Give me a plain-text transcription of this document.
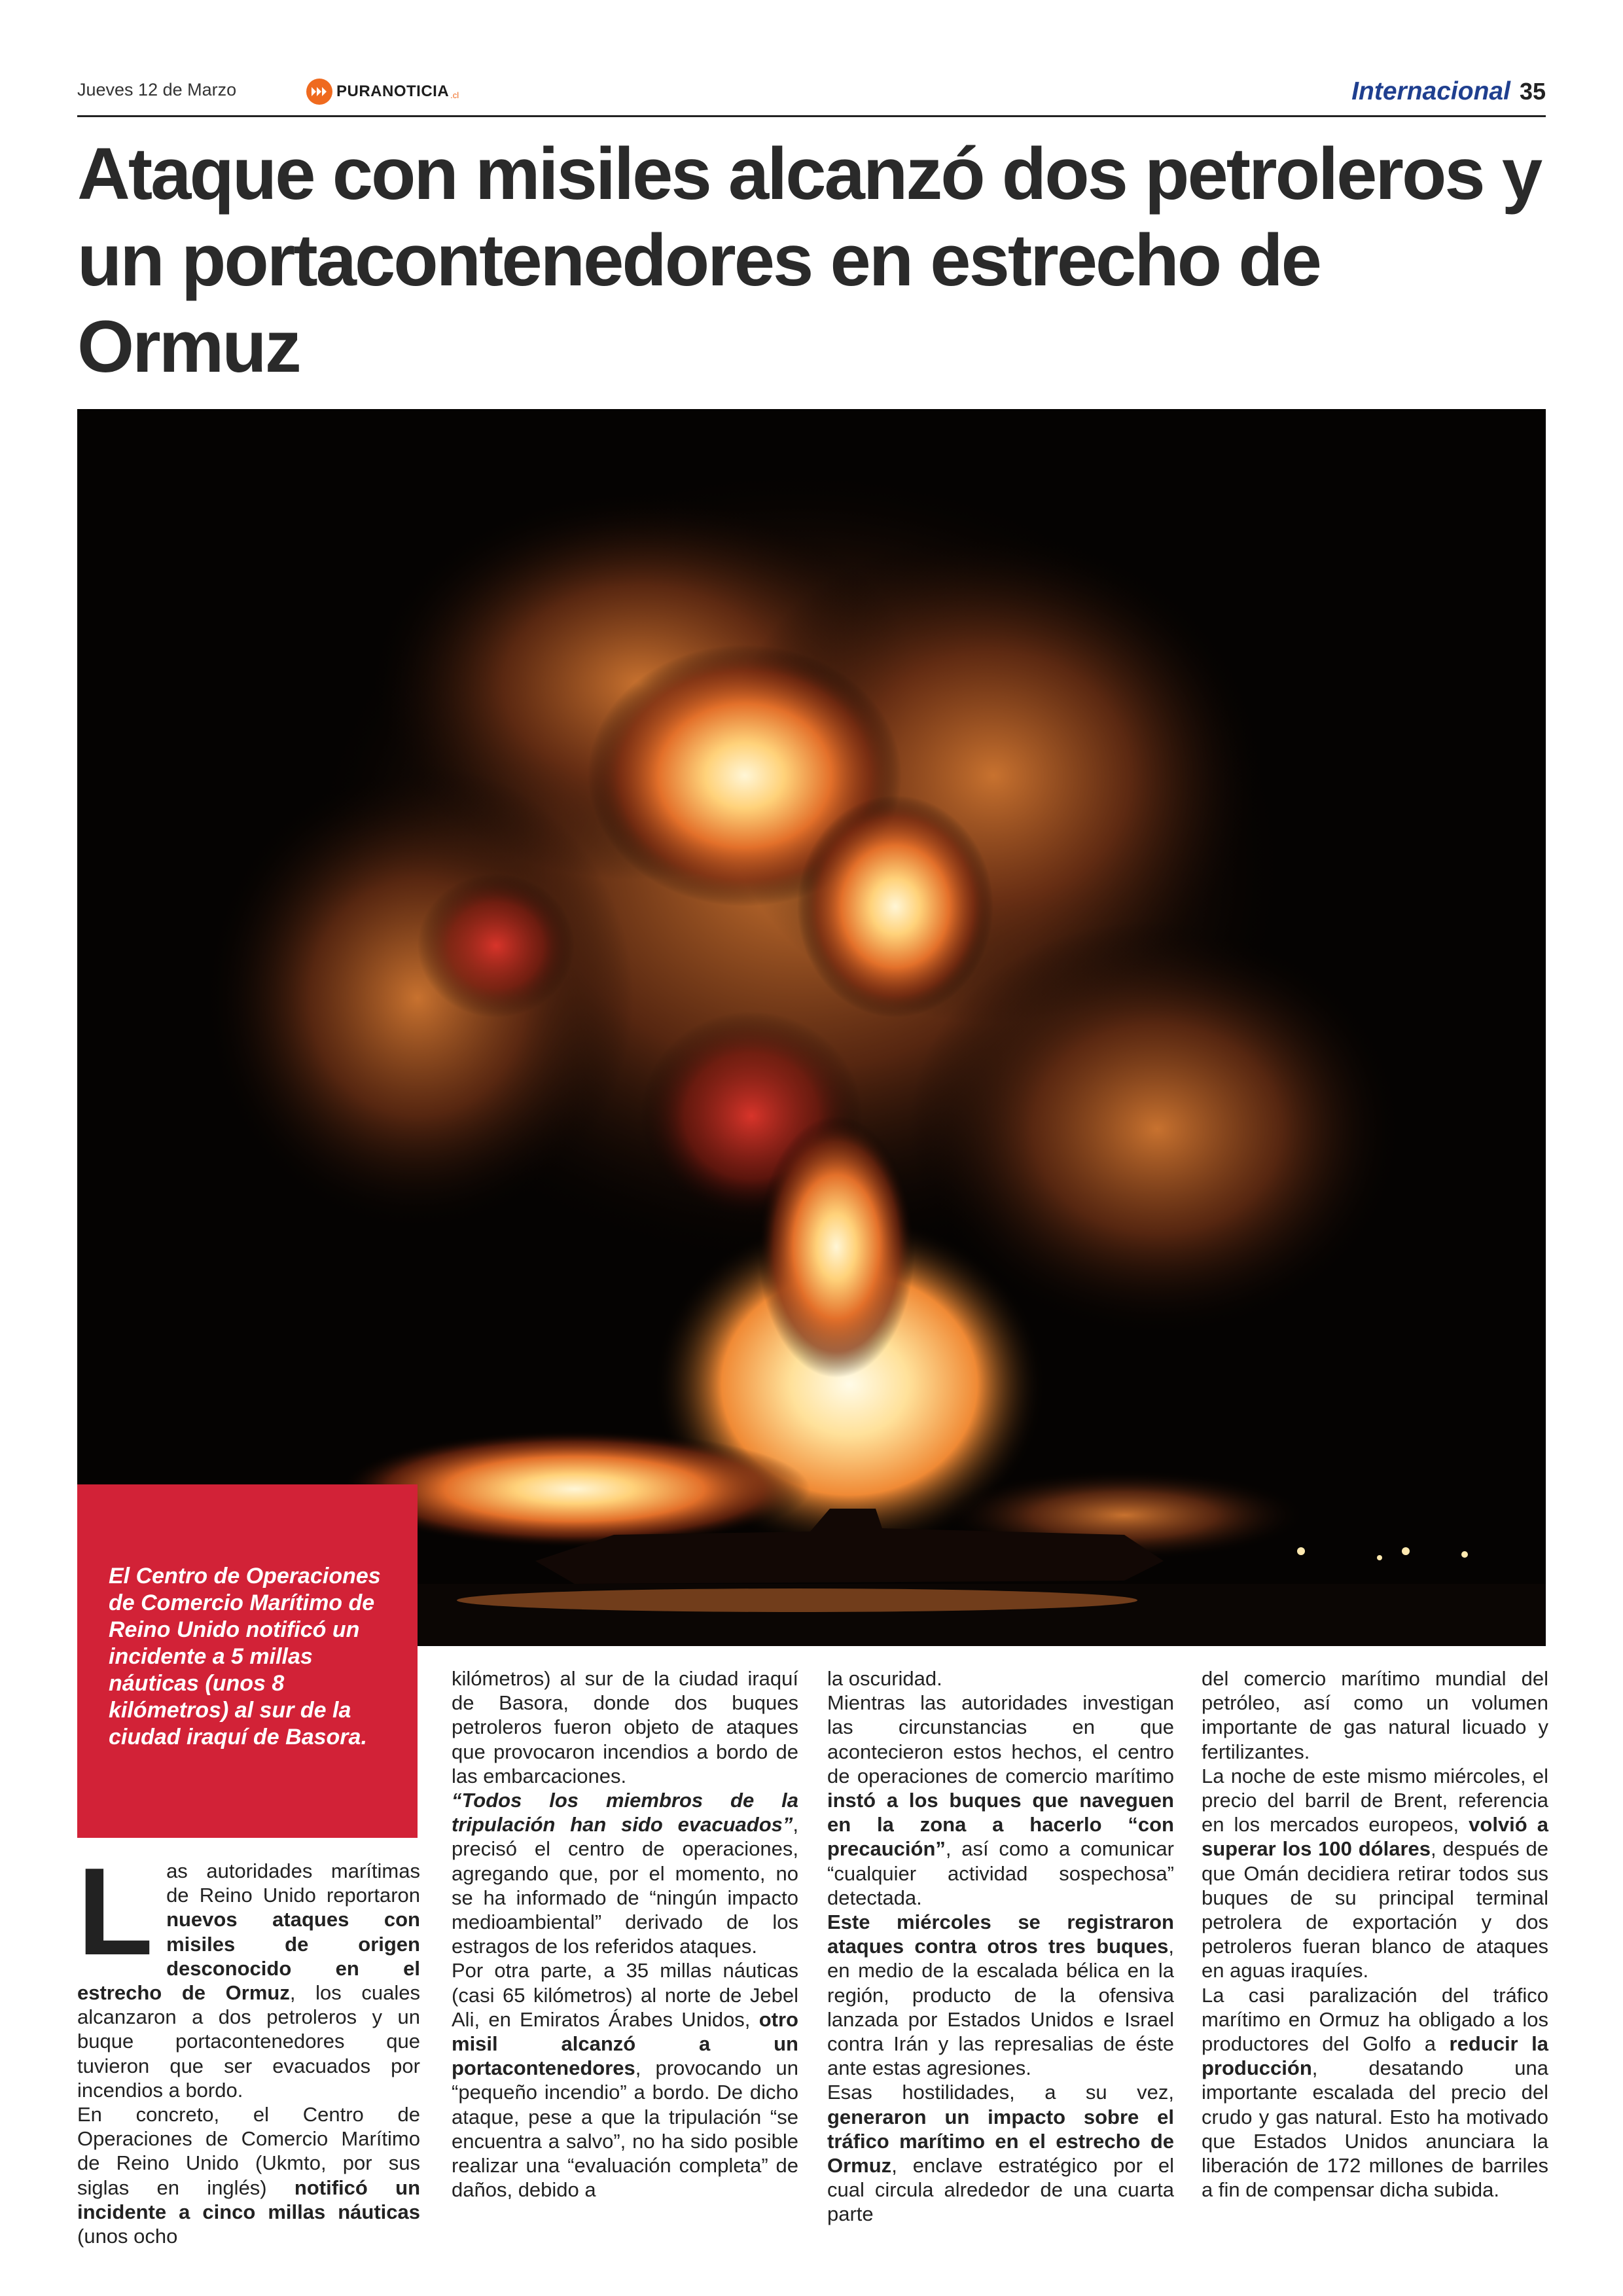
Jueves 12 de Marzo	PURANOTICIA .cl	Internacional 35
Ataque con misiles alcanzó dos petroleros y un portacontenedores en estrecho de Ormuz

El Centro de Operaciones de Comercio Marítimo de Reino Unido notificó un incidente a 5 millas náuticas (unos 8 kilómetros) al sur de la ciudad iraquí de Basora.

L as autoridades marítimas de Reino Unido reportaron nuevos ataques con misiles de origen desconocido en el estrecho de Ormuz, los cuales alcanzaron a dos petroleros y un buque portacontenedores que tuvieron que ser evacuados por incendios a bordo.

En concreto, el Centro de Operaciones de Comercio Marítimo de Reino Unido (Ukmto, por sus siglas en inglés) notificó un incidente a cinco millas náuticas (unos ocho

kilómetros) al sur de la ciudad iraquí de Basora, donde dos buques petroleros fueron objeto de ataques que provocaron incendios a bordo de las embarcaciones.

“Todos los miembros de la tripulación han sido evacuados”, precisó el centro de operaciones, agregando que, por el momento, no se ha informado de “ningún impacto medioambiental” derivado de los estragos de los referidos ataques.

Por otra parte, a 35 millas náuticas (casi 65 kilómetros) al norte de Jebel Ali, en Emiratos Árabes Unidos, otro misil alcanzó a un portacontenedores, provocando un “pequeño incendio” a bordo. De dicho ataque, pese a que la tripulación “se encuentra a salvo”, no ha sido posible realizar una “evaluación completa” de daños, debido a

la oscuridad.

Mientras las autoridades investigan las circunstancias en que acontecieron estos hechos, el centro de operaciones de comercio marítimo instó a los buques que naveguen en la zona a hacerlo “con precaución”, así como a comunicar “cualquier actividad sospechosa” detectada.

Este miércoles se registraron ataques contra otros tres buques, en medio de la escalada bélica en la región, producto de la ofensiva lanzada por Estados Unidos e Israel contra Irán y las represalias de éste ante estas agresiones.

Esas hostilidades, a su vez, generaron un impacto sobre el tráfico marítimo en el estrecho de Ormuz, enclave estratégico por el cual circula alrededor de una cuarta parte

del comercio marítimo mundial del petróleo, así como un volumen importante de gas natural licuado y fertilizantes.

La noche de este mismo miércoles, el precio del barril de Brent, referencia en los mercados europeos, volvió a superar los 100 dólares, después de que Omán decidiera retirar todos sus buques de su principal terminal petrolera de exportación y dos petroleros fueran blanco de ataques en aguas iraquíes.

La casi paralización del tráfico marítimo en Ormuz ha obligado a los productores del Golfo a reducir la producción, desatando una importante escalada del precio del crudo y gas natural. Esto ha motivado que Estados Unidos anunciara la liberación de 172 millones de barriles a fin de compensar dicha subida.
